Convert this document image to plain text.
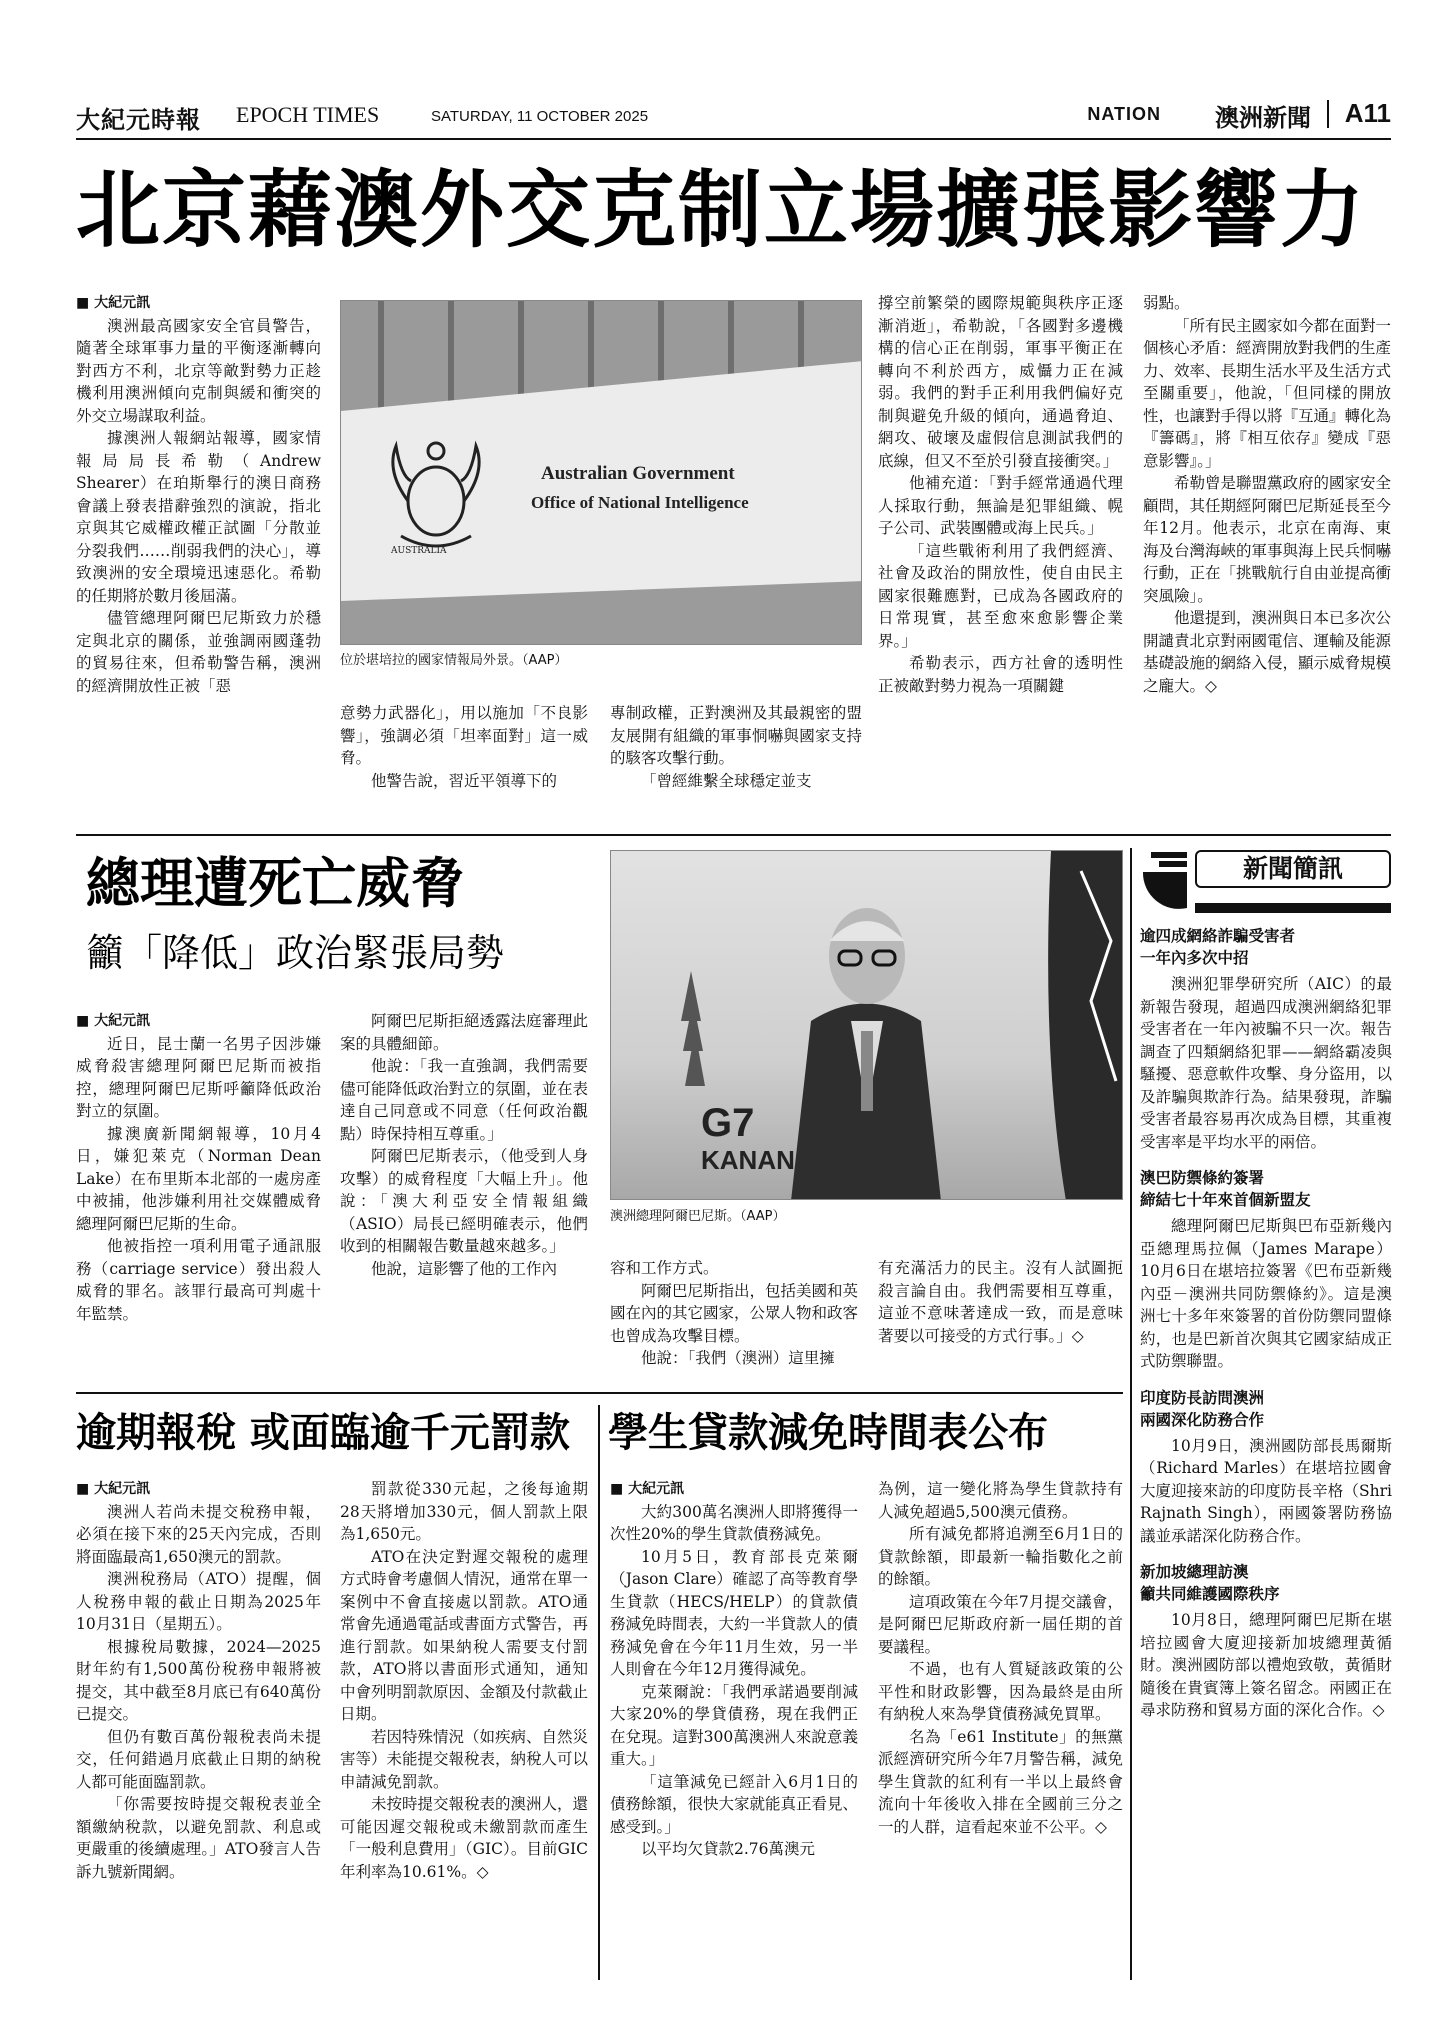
大紀元時報 EPOCH TIMES	SATURDAY, 11 OCTOBER 2025	NATION 澳洲新聞 A11
北京藉澳外交克制立場擴張影響力

■ 大紀元訊

澳洲最高國家安全官員警告，隨著全球軍事力量的平衡逐漸轉向對西方不利，北京等敵對勢力正趁機利用澳洲傾向克制與緩和衝突的外交立場謀取利益。

據澳洲人報網站報導，國家情報局局長希勒（Andrew Shearer）在珀斯舉行的澳日商務會議上發表措辭強烈的演說，指北京與其它威權政權正試圖「分散並分裂我們……削弱我們的決心」，導致澳洲的安全環境迅速惡化。希勒的任期將於數月後屆滿。

儘管總理阿爾巴尼斯致力於穩定與北京的關係，並強調兩國蓬勃的貿易往來，但希勒警告稱，澳洲的經濟開放性正被「惡

AUSTRALIA
Australian Government
Office of National Intelligence
位於堪培拉的國家情報局外景。（AAP）

意勢力武器化」，用以施加「不良影響」，強調必須「坦率面對」這一威脅。

他警告說，習近平領導下的

專制政權，正對澳洲及其最親密的盟友展開有組織的軍事恫嚇與國家支持的駭客攻擊行動。

「曾經維繫全球穩定並支

撐空前繁榮的國際規範與秩序正逐漸消逝」，希勒說，「各國對多邊機構的信心正在削弱，軍事平衡正在轉向不利於西方，威懾力正在減弱。我們的對手正利用我們偏好克制與避免升級的傾向，通過脅迫、網攻、破壞及虛假信息測試我們的底線，但又不至於引發直接衝突。」

他補充道：「對手經常通過代理人採取行動，無論是犯罪組織、幌子公司、武裝團體或海上民兵。」

「這些戰術利用了我們經濟、社會及政治的開放性，使自由民主國家很難應對，已成為各國政府的日常現實，甚至愈來愈影響企業界。」

希勒表示，西方社會的透明性正被敵對勢力視為一項關鍵

弱點。

「所有民主國家如今都在面對一個核心矛盾：經濟開放對我們的生產力、效率、長期生活水平及生活方式至關重要」，他說，「但同樣的開放性，也讓對手得以將『互通』轉化為『籌碼』，將『相互依存』變成『惡意影響』。」

希勒曾是聯盟黨政府的國家安全顧問，其任期經阿爾巴尼斯延長至今年12月。他表示，北京在南海、東海及台灣海峽的軍事與海上民兵恫嚇行動，正在「挑戰航行自由並提高衝突風險」。

他還提到，澳洲與日本已多次公開譴責北京對兩國電信、運輸及能源基礎設施的網絡入侵，顯示威脅規模之龐大。◇

總理遭死亡威脅
籲「降低」政治緊張局勢

■ 大紀元訊

近日，昆士蘭一名男子因涉嫌威脅殺害總理阿爾巴尼斯而被指控，總理阿爾巴尼斯呼籲降低政治對立的氛圍。

據澳廣新聞網報導，10月4日，嫌犯萊克（Norman Dean Lake）在布里斯本北部的一處房產中被捕，他涉嫌利用社交媒體威脅總理阿爾巴尼斯的生命。

他被指控一項利用電子通訊服務（carriage service）發出殺人威脅的罪名。該罪行最高可判處十年監禁。

阿爾巴尼斯拒絕透露法庭審理此案的具體細節。

他說：「我一直強調，我們需要儘可能降低政治對立的氛圍，並在表達自己同意或不同意（任何政治觀點）時保持相互尊重。」

阿爾巴尼斯表示，（他受到人身攻擊）的威脅程度「大幅上升」。他說：「澳大利亞安全情報組織（ASIO）局長已經明確表示，他們收到的相關報告數量越來越多。」

他說，這影響了他的工作內

G7
KANAN
澳洲總理阿爾巴尼斯。（AAP）

容和工作方式。

阿爾巴尼斯指出，包括美國和英國在內的其它國家，公眾人物和政客也曾成為攻擊目標。

他說：「我們（澳洲）這里擁

有充滿活力的民主。沒有人試圖扼殺言論自由。我們需要相互尊重，這並不意味著達成一致，而是意味著要以可接受的方式行事。」◇

逾期報稅 或面臨逾千元罰款

■ 大紀元訊

澳洲人若尚未提交稅務申報，必須在接下來的25天內完成，否則將面臨最高1,650澳元的罰款。

澳洲稅務局（ATO）提醒，個人稅務申報的截止日期為2025年10月31日（星期五）。

根據稅局數據，2024—2025財年約有1,500萬份稅務申報將被提交，其中截至8月底已有640萬份已提交。

但仍有數百萬份報稅表尚未提交，任何錯過月底截止日期的納稅人都可能面臨罰款。

「你需要按時提交報稅表並全額繳納稅款，以避免罰款、利息或更嚴重的後續處理。」ATO發言人告訴九號新聞網。

罰款從330元起，之後每逾期28天將增加330元，個人罰款上限為1,650元。

ATO在決定對遲交報稅的處理方式時會考慮個人情況，通常在單一案例中不會直接處以罰款。ATO通常會先通過電話或書面方式警告，再進行罰款。如果納稅人需要支付罰款，ATO將以書面形式通知，通知中會列明罰款原因、金額及付款截止日期。

若因特殊情況（如疾病、自然災害等）未能提交報稅表，納稅人可以申請減免罰款。

未按時提交報稅表的澳洲人，還可能因遲交報稅或未繳罰款而產生「一般利息費用」（GIC）。目前GIC年利率為10.61%。◇

學生貸款減免時間表公布

■ 大紀元訊

大約300萬名澳洲人即將獲得一次性20%的學生貸款債務減免。

10月5日，教育部長克萊爾（Jason Clare）確認了高等教育學生貸款（HECS/HELP）的貸款債務減免時間表，大約一半貸款人的債務減免會在今年11月生效，另一半人則會在今年12月獲得減免。

克萊爾說：「我們承諾過要削減大家20%的學貸債務，現在我們正在兌現。這對300萬澳洲人來說意義重大。」

「這筆減免已經計入6月1日的債務餘額，很快大家就能真正看見、感受到。」

以平均欠貸款2.76萬澳元

為例，這一變化將為學生貸款持有人減免超過5,500澳元債務。

所有減免都將追溯至6月1日的貸款餘額，即最新一輪指數化之前的餘額。

這項政策在今年7月提交議會，是阿爾巴尼斯政府新一屆任期的首要議程。

不過，也有人質疑該政策的公平性和財政影響，因為最終是由所有納稅人來為學貸債務減免買單。

名為「e61 Institute」的無黨派經濟研究所今年7月警告稱，減免學生貸款的紅利有一半以上最終會流向十年後收入排在全國前三分之一的人群，這看起來並不公平。◇

新聞簡訊
逾四成網絡詐騙受害者
一年內多次中招

澳洲犯罪學研究所（AIC）的最新報告發現，超過四成澳洲網絡犯罪受害者在一年內被騙不只一次。報告調查了四類網絡犯罪——網絡霸凌與騷擾、惡意軟件攻擊、身分盜用，以及詐騙與欺詐行為。結果發現，詐騙受害者最容易再次成為目標，其重複受害率是平均水平的兩倍。

澳巴防禦條約簽署
締結七十年來首個新盟友

總理阿爾巴尼斯與巴布亞新幾內亞總理馬拉佩（James Marape）10月6日在堪培拉簽署《巴布亞新幾內亞－澳洲共同防禦條約》。這是澳洲七十多年來簽署的首份防禦同盟條約，也是巴新首次與其它國家結成正式防禦聯盟。

印度防長訪問澳洲
兩國深化防務合作

10月9日，澳洲國防部長馬爾斯（Richard Marles）在堪培拉國會大廈迎接來訪的印度防長辛格（Shri Rajnath Singh），兩國簽署防務協議並承諾深化防務合作。

新加坡總理訪澳
籲共同維護國際秩序

10月8日，總理阿爾巴尼斯在堪培拉國會大廈迎接新加坡總理黃循財。澳洲國防部以禮炮致敬，黃循財隨後在貴賓簿上簽名留念。兩國正在尋求防務和貿易方面的深化合作。◇
